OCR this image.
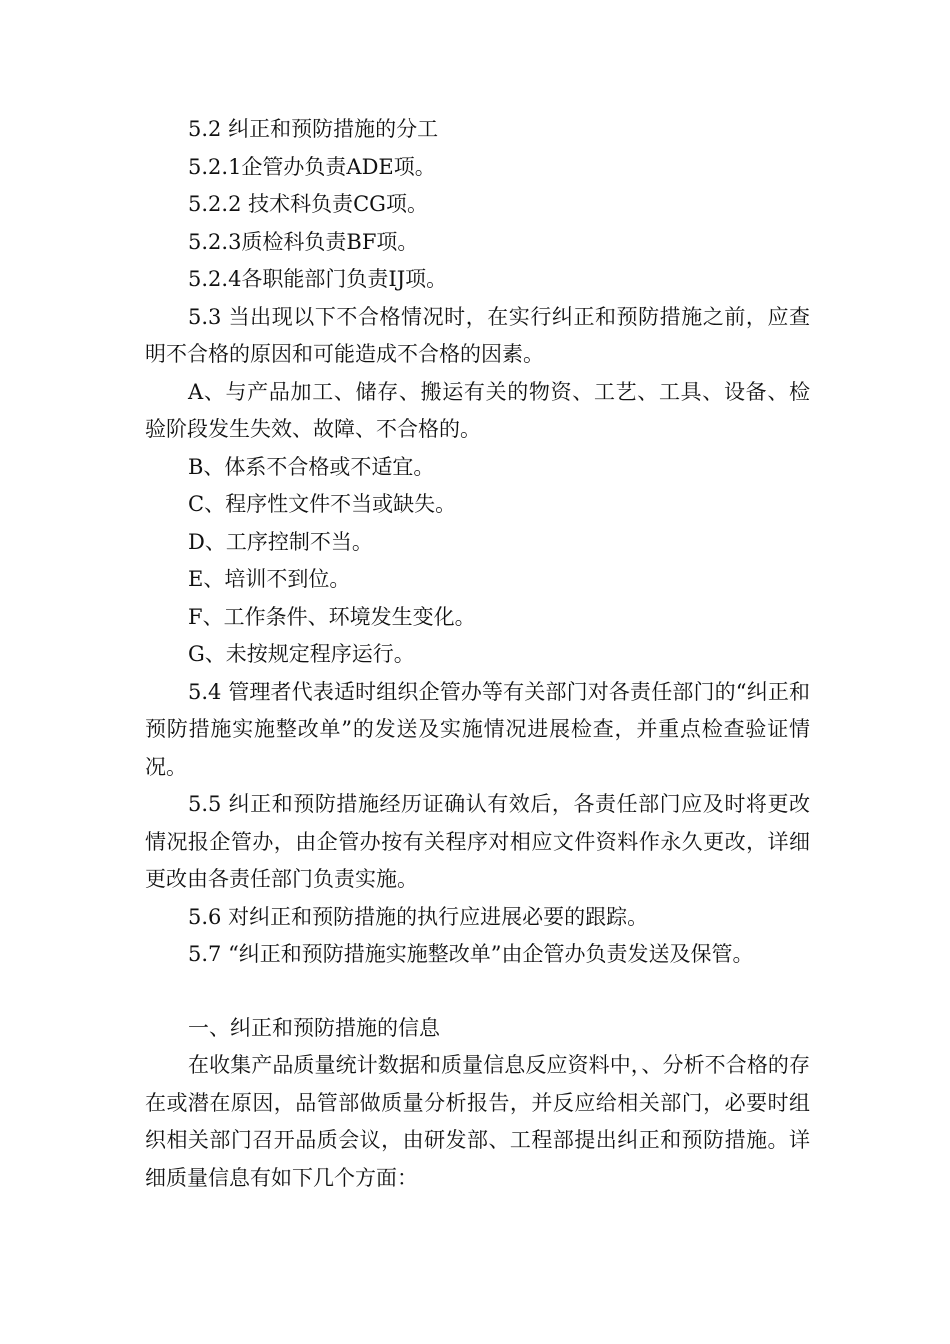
5.2 纠正和预防措施的分工

5.2.1企管办负责ADE项。

5.2.2 技术科负责CG项。

5.2.3质检科负责BF项。

5.2.4各职能部门负责IJ项。

5.3 当出现以下不合格情况时，在实行纠正和预防措施之前，应查明不合格的原因和可能造成不合格的因素。

A、与产品加工、储存、搬运有关的物资、工艺、工具、设备、检验阶段发生失效、故障、不合格的。

B、体系不合格或不适宜。

C、程序性文件不当或缺失。

D、工序控制不当。

E、培训不到位。

F、工作条件、环境发生变化。

G、未按规定程序运行。

5.4 管理者代表适时组织企管办等有关部门对各责任部门的“纠正和预防措施实施整改单”的发送及实施情况进展检查，并重点检查验证情况。

5.5 纠正和预防措施经历证确认有效后，各责任部门应及时将更改情况报企管办，由企管办按有关程序对相应文件资料作永久更改，详细更改由各责任部门负责实施。

5.6 对纠正和预防措施的执行应进展必要的跟踪。

5.7 “纠正和预防措施实施整改单”由企管办负责发送及保管。

一、纠正和预防措施的信息

在收集产品质量统计数据和质量信息反应资料中，、分析不合格的存在或潜在原因，品管部做质量分析报告，并反应给相关部门，必要时组织相关部门召开品质会议，由研发部、工程部提出纠正和预防措施。详细质量信息有如下几个方面：
